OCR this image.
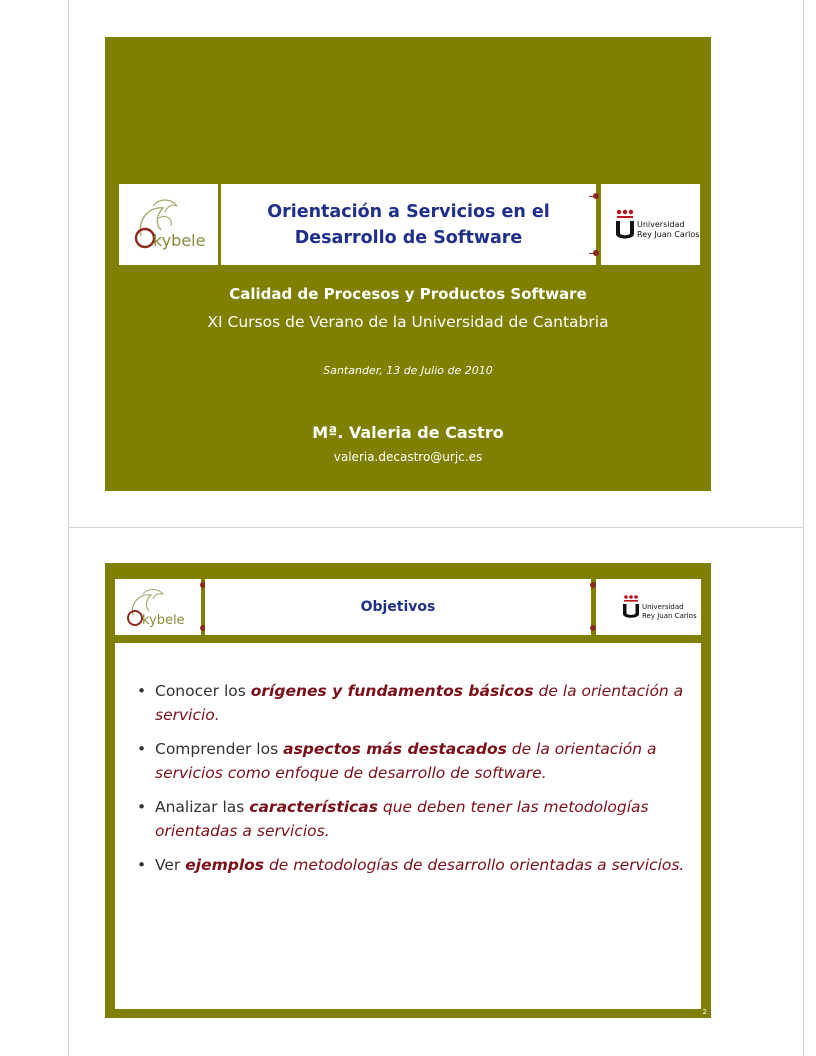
kybele
Orientación a Servicios en el
Desarrollo de Software
Universidad
Rey Juan Carlos
Calidad de Procesos y Productos Software
XI Cursos de Verano de la Universidad de Cantabria
Santander, 13 de Julio de 2010
Mª. Valeria de Castro
valeria.decastro@urjc.es
kybele
Objetivos	Universidad
Rey Juan Carlos
• Conocer los orígenes y fundamentos básicos de la orientación a servicio.
• Comprender los aspectos más destacados de la orientación a servicios como enfoque de desarrollo de software.
• Analizar las características que deben tener las metodologías orientadas a servicios.
• Ver ejemplos de metodologías de desarrollo orientadas a servicios.
2
